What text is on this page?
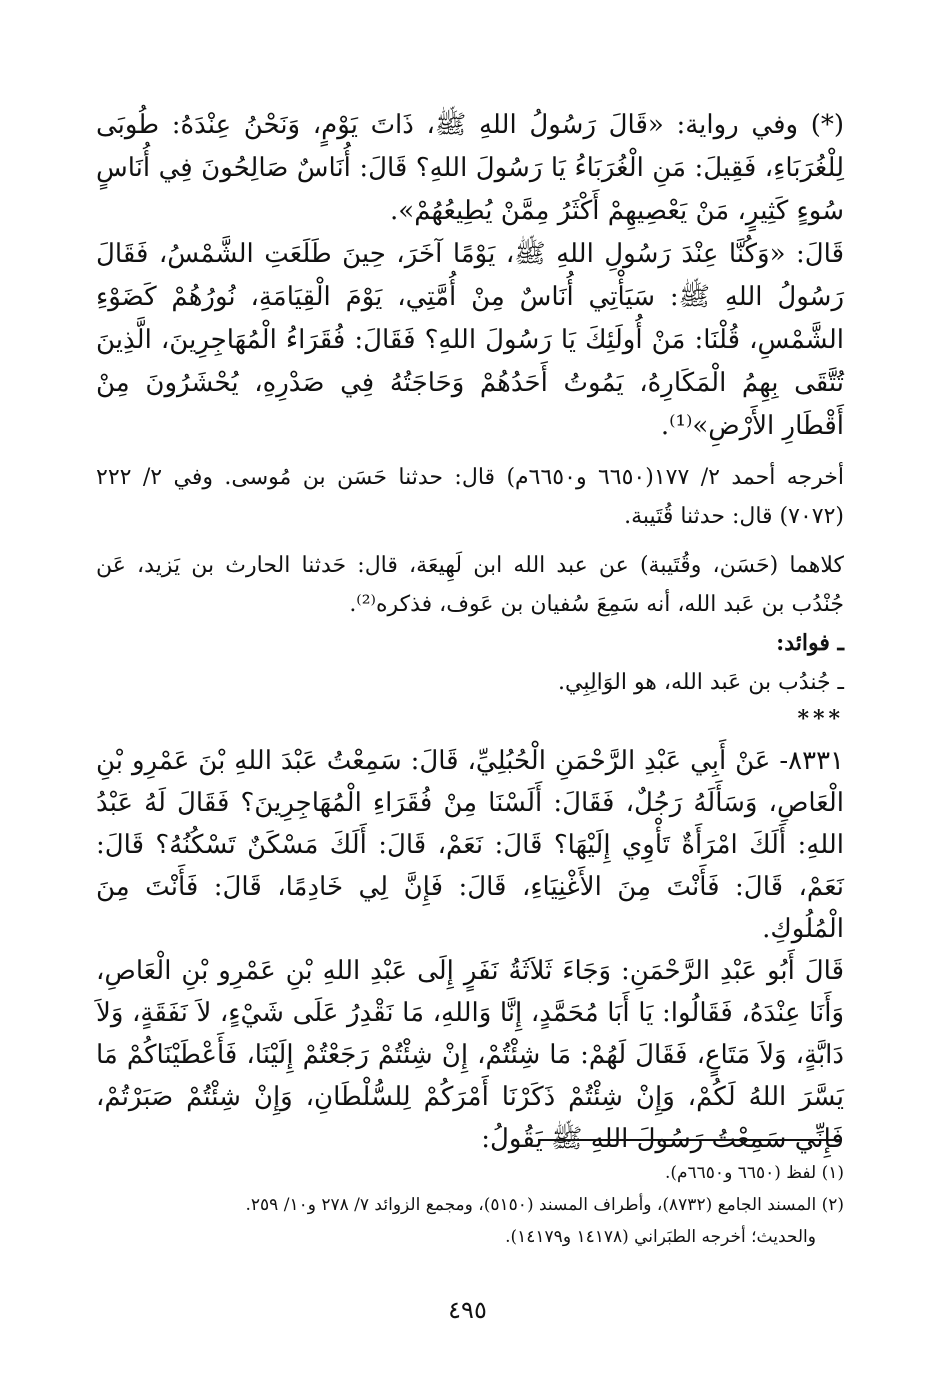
(*) وفي رواية: «قَالَ رَسُولُ اللهِ ﷺ، ذَاتَ يَوْمٍ، وَنَحْنُ عِنْدَهُ: طُوبَى لِلْغُرَبَاءِ، فَقِيلَ: مَنِ الْغُرَبَاءُ يَا رَسُولَ اللهِ؟ قَالَ: أُنَاسٌ صَالِحُونَ فِي أُنَاسٍ سُوءٍ كَثِيرٍ، مَنْ يَعْصِيهِمْ أَكْثَرُ مِمَّنْ يُطِيعُهُمْ».

قَالَ: «وَكُنَّا عِنْدَ رَسُولِ اللهِ ﷺ، يَوْمًا آخَرَ، حِينَ طَلَعَتِ الشَّمْسُ، فَقَالَ رَسُولُ اللهِ ﷺ: سَيَأْتِي أُنَاسٌ مِنْ أُمَّتِي، يَوْمَ الْقِيَامَةِ، نُورُهُمْ كَضَوْءِ الشَّمْسِ، قُلْنَا: مَنْ أُولَئِكَ يَا رَسُولَ اللهِ؟ فَقَالَ: فُقَرَاءُ الْمُهَاجِرِينَ، الَّذِينَ تُتَّقَى بِهِمُ الْمَكَارِهُ، يَمُوتُ أَحَدُهُمْ وَحَاجَتُهُ فِي صَدْرِهِ، يُحْشَرُونَ مِنْ أَقْطَارِ الأَرْضِ»⁽¹⁾.

أخرجه أحمد ٢/ ١٧٧(٦٦٥٠ و٦٦٥٠م) قال: حدثنا حَسَن بن مُوسى. وفي ٢/ ٢٢٢ (٧٠٧٢) قال: حدثنا قُتَيبة.

كلاهما (حَسَن، وقُتَيبة) عن عبد الله ابن لَهِيعَة، قال: حَدثنا الحارث بن يَزيد، عَن جُنْدُب بن عَبد الله، أنه سَمِعَ سُفيان بن عَوف، فذكره⁽²⁾.

ـ فوائد:

ـ جُندُب بن عَبد الله، هو الوَالِبِي.

***

٨٣٣١- عَنْ أَبِي عَبْدِ الرَّحْمَنِ الْحُبُلِيِّ، قَالَ: سَمِعْتُ عَبْدَ اللهِ بْنَ عَمْرِو بْنِ الْعَاصِ، وَسَأَلَهُ رَجُلٌ، فَقَالَ: أَلَسْنَا مِنْ فُقَرَاءِ الْمُهَاجِرِينَ؟ فَقَالَ لَهُ عَبْدُ اللهِ: أَلَكَ امْرَأَةٌ تَأْوِي إِلَيْهَا؟ قَالَ: نَعَمْ، قَالَ: أَلَكَ مَسْكَنٌ تَسْكُنُهُ؟ قَالَ: نَعَمْ، قَالَ: فَأَنْتَ مِنَ الأَغْنِيَاءِ، قَالَ: فَإِنَّ لِي خَادِمًا، قَالَ: فَأَنْتَ مِنَ الْمُلُوكِ.

قَالَ أَبُو عَبْدِ الرَّحْمَنِ: وَجَاءَ ثَلاَثَةُ نَفَرٍ إِلَى عَبْدِ اللهِ بْنِ عَمْرِو بْنِ الْعَاصِ، وَأَنَا عِنْدَهُ، فَقَالُوا: يَا أَبَا مُحَمَّدٍ، إِنَّا وَاللهِ، مَا نَقْدِرُ عَلَى شَيْءٍ، لاَ نَفَقَةٍ، وَلاَ دَابَّةٍ، وَلاَ مَتَاعٍ، فَقَالَ لَهُمْ: مَا شِئْتُمْ، إِنْ شِئْتُمْ رَجَعْتُمْ إِلَيْنَا، فَأَعْطَيْنَاكُمْ مَا يَسَّرَ اللهُ لَكُمْ، وَإِنْ شِئْتُمْ ذَكَرْنَا أَمْرَكُمْ لِلسُّلْطَانِ، وَإِنْ شِئْتُمْ صَبَرْتُمْ، فَإِنِّي سَمِعْتُ رَسُولَ اللهِ ﷺ يَقُولُ:

(١) لفظ (٦٦٥٠ و٦٦٥٠م).

(٢) المسند الجامع (٨٧٣٢)، وأطراف المسند (٥١٥٠)، ومجمع الزوائد ٧/ ٢٧٨ و١٠/ ٢٥٩.

والحديث؛ أخرجه الطبَراني (١٤١٧٨ و١٤١٧٩).

٤٩٥
